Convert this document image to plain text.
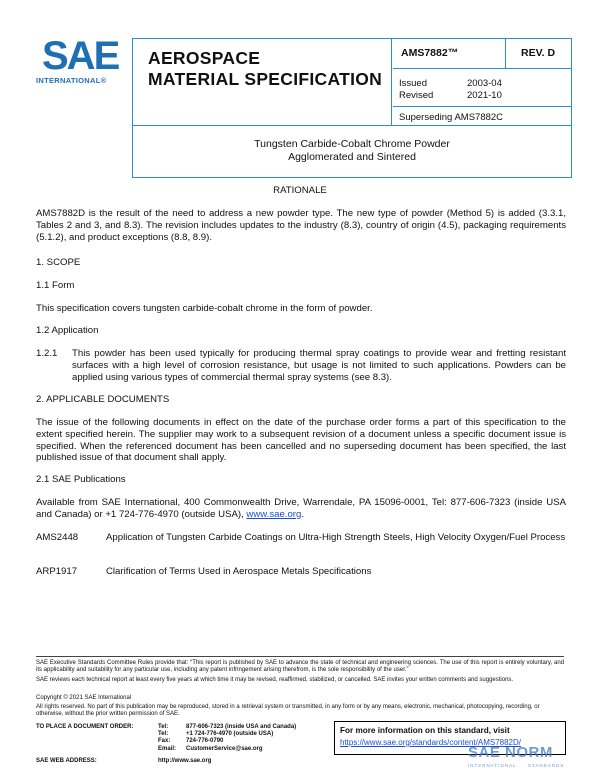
SAE
INTERNATIONAL®
AEROSPACE
MATERIAL SPECIFICATION
AMS7882™	REV. D
Issued	2003-04
Revised	2021-10
Superseding AMS7882C
Tungsten Carbide-Cobalt Chrome Powder
Agglomerated and Sintered
RATIONALE
AMS7882D is the result of the need to address a new powder type. The new type of powder (Method 5) is added (3.3.1, Tables 2 and 3, and 8.3). The revision includes updates to the industry (8.3), country of origin (4.5), packaging requirements (5.1.2), and product exceptions (8.8, 8.9).
1. SCOPE
1.1 Form
This specification covers tungsten carbide-cobalt chrome in the form of powder.
1.2 Application
1.2.1 This powder has been used typically for producing thermal spray coatings to provide wear and fretting resistant surfaces with a high level of corrosion resistance, but usage is not limited to such applications. Powders can be applied using various types of commercial thermal spray systems (see 8.3).
2. APPLICABLE DOCUMENTS
The issue of the following documents in effect on the date of the purchase order forms a part of this specification to the extent specified herein. The supplier may work to a subsequent revision of a document unless a specific document issue is specified. When the referenced document has been cancelled and no superseding document has been specified, the last published issue of that document shall apply.
2.1 SAE Publications
Available from SAE International, 400 Commonwealth Drive, Warrendale, PA 15096-0001, Tel: 877-606-7323 (inside USA and Canada) or +1 724-776-4970 (outside USA), www.sae.org.
AMS2448	Application of Tungsten Carbide Coatings on Ultra-High Strength Steels, High Velocity Oxygen/Fuel Process
ARP1917	Clarification of Terms Used in Aerospace Metals Specifications
SAE Executive Standards Committee Rules provide that: “This report is published by SAE to advance the state of technical and engineering sciences. The use of this report is entirely voluntary, and its applicability and suitability for any particular use, including any patent infringement arising therefrom, is the sole responsibility of the user.”
SAE reviews each technical report at least every five years at which time it may be revised, reaffirmed, stabilized, or cancelled. SAE invites your written comments and suggestions.
Copyright © 2021 SAE International
All rights reserved. No part of this publication may be reproduced, stored in a retrieval system or transmitted, in any form or by any means, electronic, mechanical, photocopying, recording, or otherwise, without the prior written permission of SAE.
TO PLACE A DOCUMENT ORDER:	Tel:	877-606-7323 (inside USA and Canada)
Tel:	+1 724-776-4970 (outside USA)
Fax:	724-776-0790
Email: CustomerService@sae.org
SAE WEB ADDRESS:	http://www.sae.org
For more information on this standard, visit
https://www.sae.org/standards/content/AMS7882D/
SAE NORM
INTERNATIONAL	STANDARDS
